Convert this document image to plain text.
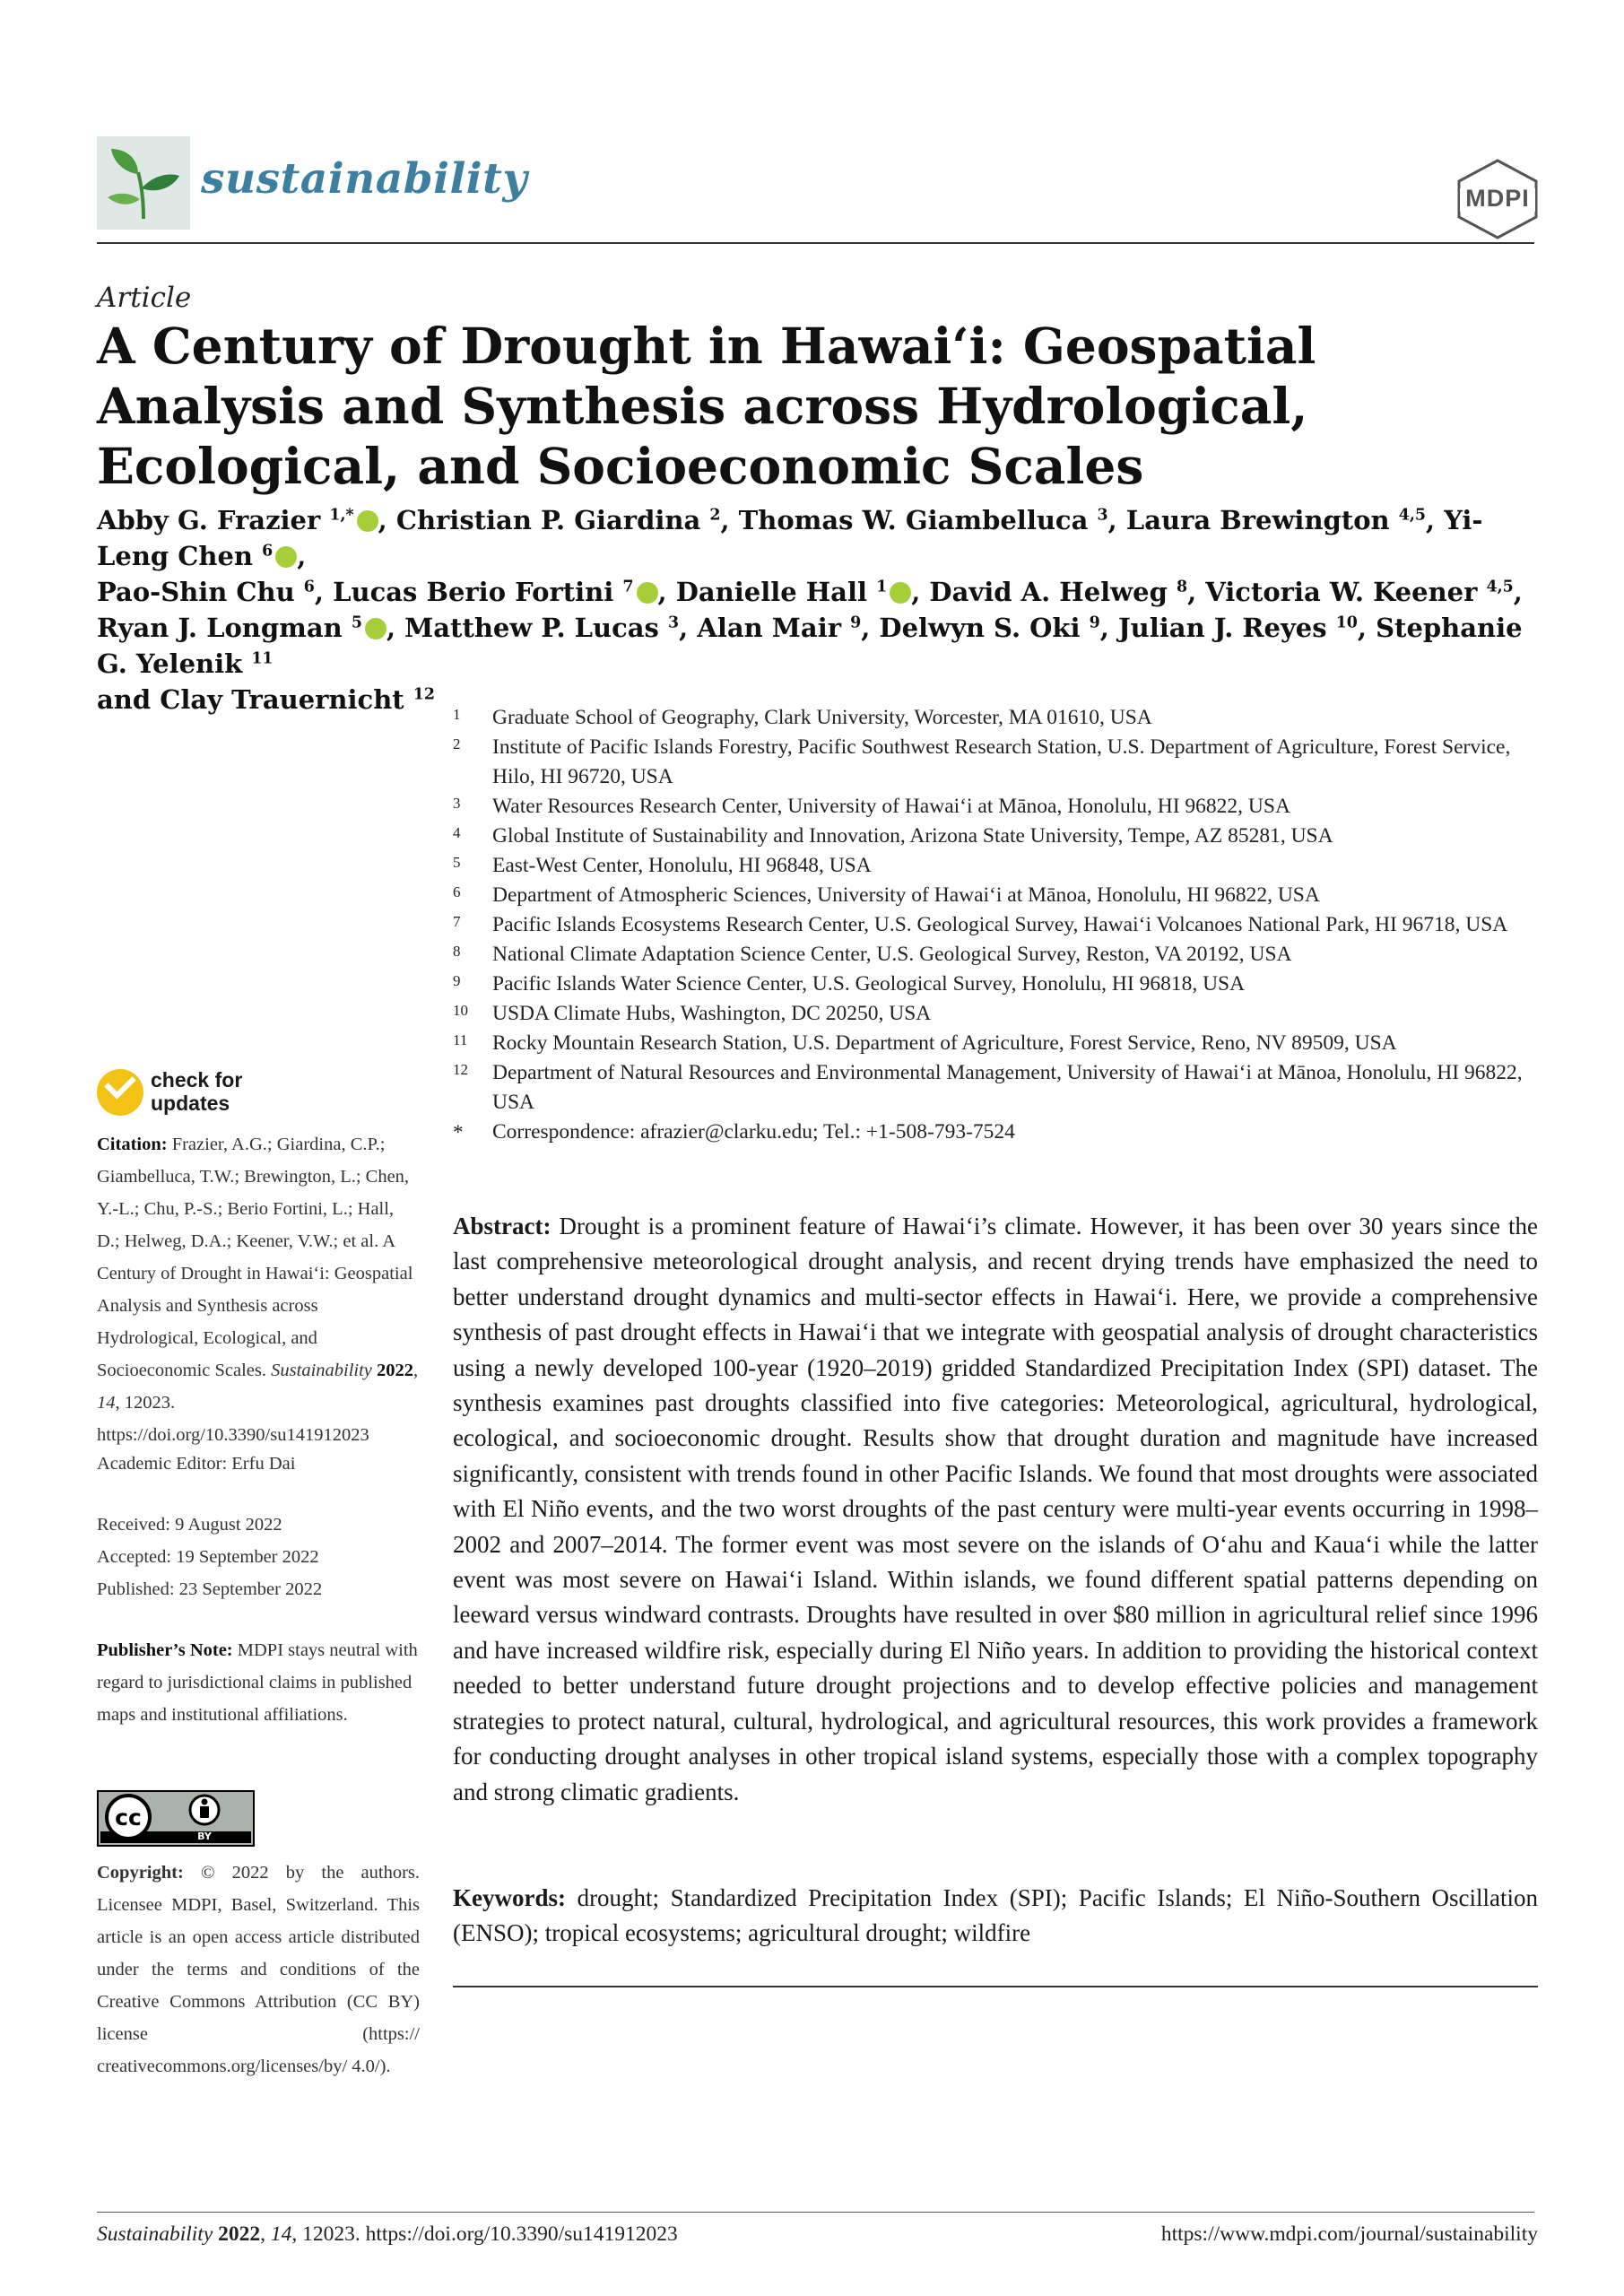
sustainability	MDPI
Article
A Century of Drought in Hawai‘i: Geospatial Analysis and Synthesis across Hydrological, Ecological, and Socioeconomic Scales

Abby G. Frazier $^{1,*}$ , Christian P. Giardina $^2$, Thomas W. Giambelluca $^3$, Laura Brewington $^{4,5}$, Yi-Leng Chen $^6$ ,

Pao-Shin Chu $^6$, Lucas Berio Fortini $^7$ , Danielle Hall $^1$ , David A. Helweg $^8$, Victoria W. Keener $^{4,5}$,

Ryan J. Longman $^5$ , Matthew P. Lucas $^3$, Alan Mair $^9$, Delwyn S. Oki $^9$, Julian J. Reyes $^{10}$, Stephanie G. Yelenik $^{11}$

and Clay Trauernicht $^{12}$

1 Graduate School of Geography, Clark University, Worcester, MA 01610, USA
2 Institute of Pacific Islands Forestry, Pacific Southwest Research Station, U.S. Department of Agriculture, Forest Service, Hilo, HI 96720, USA
3 Water Resources Research Center, University of Hawai‘i at Mānoa, Honolulu, HI 96822, USA
4 Global Institute of Sustainability and Innovation, Arizona State University, Tempe, AZ 85281, USA
5 East-West Center, Honolulu, HI 96848, USA
6 Department of Atmospheric Sciences, University of Hawai‘i at Mānoa, Honolulu, HI 96822, USA
7 Pacific Islands Ecosystems Research Center, U.S. Geological Survey, Hawai‘i Volcanoes National Park, HI 96718, USA
8 National Climate Adaptation Science Center, U.S. Geological Survey, Reston, VA 20192, USA
9 Pacific Islands Water Science Center, U.S. Geological Survey, Honolulu, HI 96818, USA
10 USDA Climate Hubs, Washington, DC 20250, USA
11 Rocky Mountain Research Station, U.S. Department of Agriculture, Forest Service, Reno, NV 89509, USA
12 Department of Natural Resources and Environmental Management, University of Hawai‘i at Mānoa, Honolulu, HI 96822, USA
* Correspondence: afrazier@clarku.edu; Tel.: +1-508-793-7524
check for updates
Citation: Frazier, A.G.; Giardina, C.P.; Giambelluca, T.W.; Brewington, L.; Chen, Y.-L.; Chu, P.-S.; Berio Fortini, L.; Hall, D.; Helweg, D.A.; Keener, V.W.; et al. A Century of Drought in Hawai‘i: Geospatial Analysis and Synthesis across Hydrological, Ecological, and Socioeconomic Scales. Sustainability 2022, 14, 12023. https://doi.org/10.3390/su141912023
Academic Editor: Erfu Dai
Received: 9 August 2022
Accepted: 19 September 2022
Published: 23 September 2022
Publisher’s Note: MDPI stays neutral with regard to jurisdictional claims in published maps and institutional affiliations.
cc
BY
Copyright: © 2022 by the authors. Licensee MDPI, Basel, Switzerland. This article is an open access article distributed under the terms and conditions of the Creative Commons Attribution (CC BY) license (https:// creativecommons.org/licenses/by/ 4.0/).
Abstract: Drought is a prominent feature of Hawai‘i’s climate. However, it has been over 30 years since the last comprehensive meteorological drought analysis, and recent drying trends have emphasized the need to better understand drought dynamics and multi-sector effects in Hawai‘i. Here, we provide a comprehensive synthesis of past drought effects in Hawai‘i that we integrate with geospatial analysis of drought characteristics using a newly developed 100-year (1920–2019) gridded Standardized Precipitation Index (SPI) dataset. The synthesis examines past droughts classified into five categories: Meteorological, agricultural, hydrological, ecological, and socioeconomic drought. Results show that drought duration and magnitude have increased significantly, consistent with trends found in other Pacific Islands. We found that most droughts were associated with El Niño events, and the two worst droughts of the past century were multi-year events occurring in 1998–2002 and 2007–2014. The former event was most severe on the islands of O‘ahu and Kaua‘i while the latter event was most severe on Hawai‘i Island. Within islands, we found different spatial patterns depending on leeward versus windward contrasts. Droughts have resulted in over $80 million in agricultural relief since 1996 and have increased wildfire risk, especially during El Niño years. In addition to providing the historical context needed to better understand future drought projections and to develop effective policies and management strategies to protect natural, cultural, hydrological, and agricultural resources, this work provides a framework for conducting drought analyses in other tropical island systems, especially those with a complex topography and strong climatic gradients.
Keywords: drought; Standardized Precipitation Index (SPI); Pacific Islands; El Niño-Southern Oscillation (ENSO); tropical ecosystems; agricultural drought; wildfire
Sustainability 2022, 14, 12023. https://doi.org/10.3390/su141912023	https://www.mdpi.com/journal/sustainability
